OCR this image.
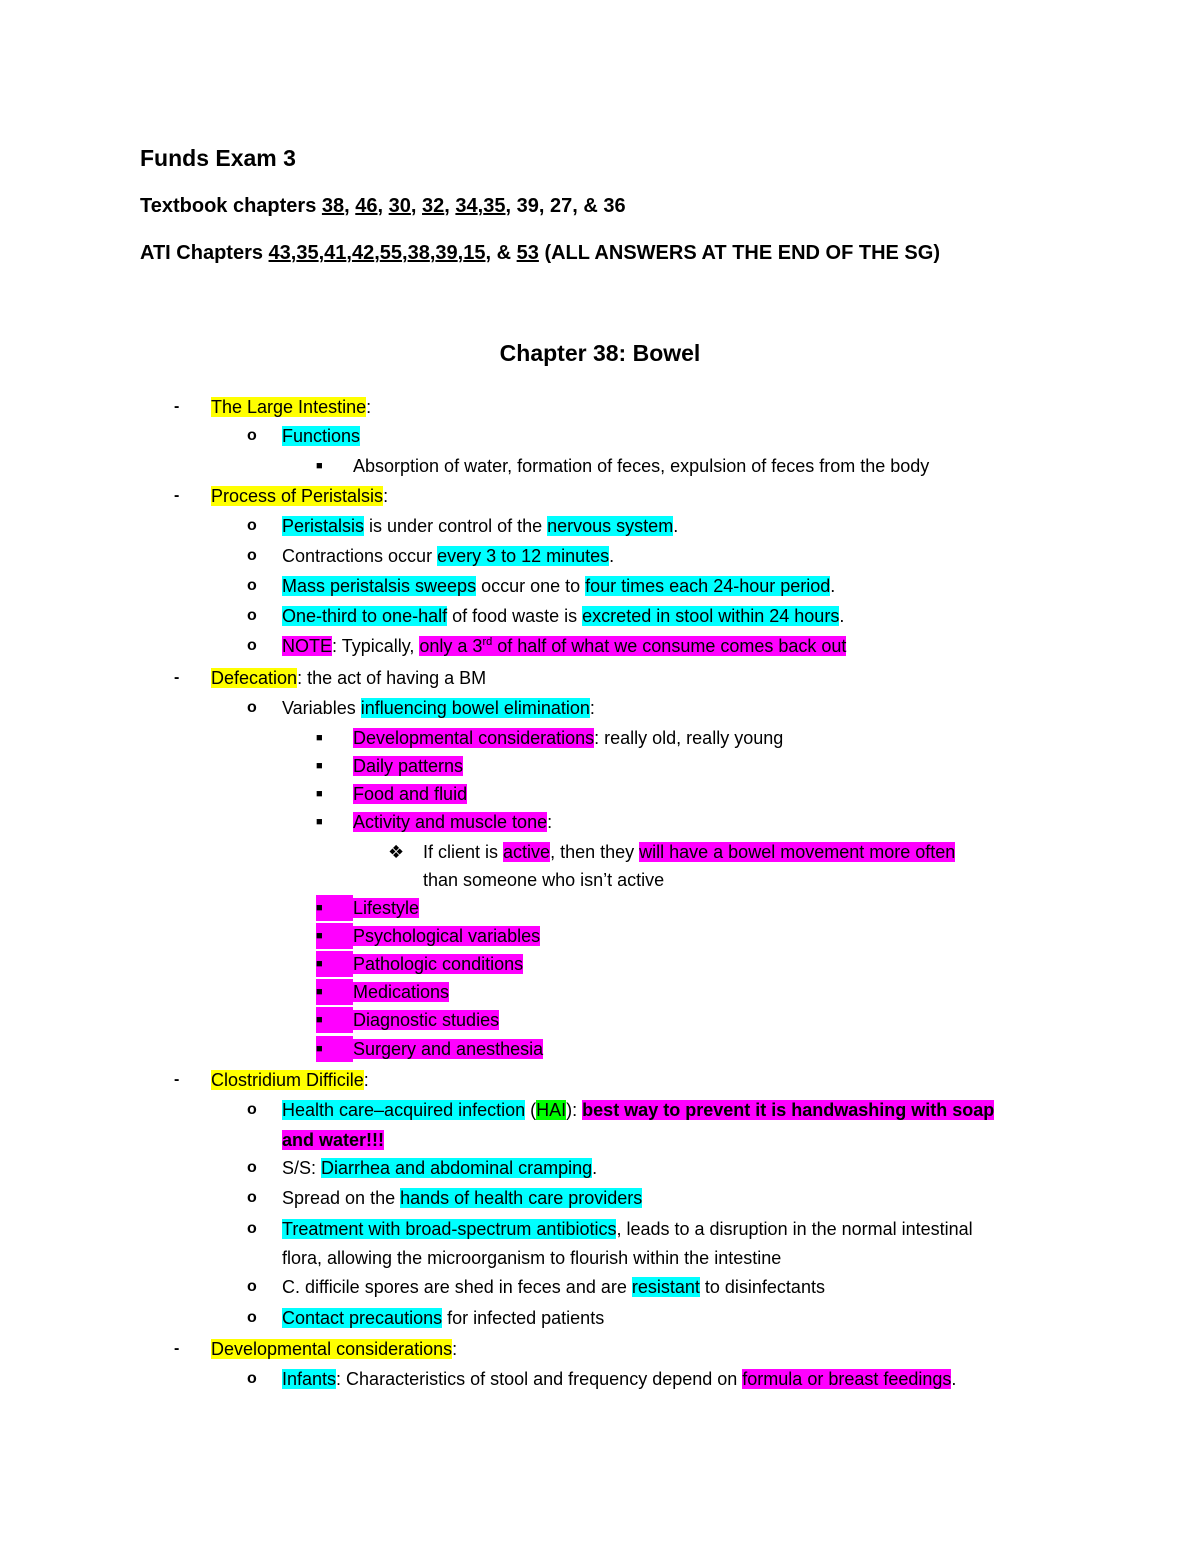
Funds Exam 3
Textbook chapters 38, 46, 30, 32, 34,35, 39, 27, & 36
ATI Chapters 43,35,41,42,55,38,39,15, & 53 (ALL ANSWERS AT THE END OF THE SG)
Chapter 38: Bowel
- The Large Intestine:
o Functions
■ Absorption of water, formation of feces, expulsion of feces from the body
- Process of Peristalsis:
o Peristalsis is under control of the nervous system.
o Contractions occur every 3 to 12 minutes.
o Mass peristalsis sweeps occur one to four times each 24-hour period.
o One-third to one-half of food waste is excreted in stool within 24 hours.
o NOTE: Typically, only a 3rd of half of what we consume comes back out
- Defecation: the act of having a BM
o Variables influencing bowel elimination:
■ Developmental considerations: really old, really young
■ Daily patterns
■ Food and fluid
■ Activity and muscle tone:
❖ If client is active, then they will have a bowel movement more often
than someone who isn’t active
■	Lifestyle
■	Psychological variables
■	Pathologic conditions
■	Medications
■	Diagnostic studies
■	Surgery and anesthesia
- Clostridium Difficile:
o Health care–acquired infection (HAI): best way to prevent it is handwashing with soap
and water!!!
o S/S: Diarrhea and abdominal cramping.
o Spread on the hands of health care providers
o Treatment with broad-spectrum antibiotics, leads to a disruption in the normal intestinal
flora, allowing the microorganism to flourish within the intestine
o C. difficile spores are shed in feces and are resistant to disinfectants
o Contact precautions for infected patients
- Developmental considerations:
o Infants: Characteristics of stool and frequency depend on formula or breast feedings.
